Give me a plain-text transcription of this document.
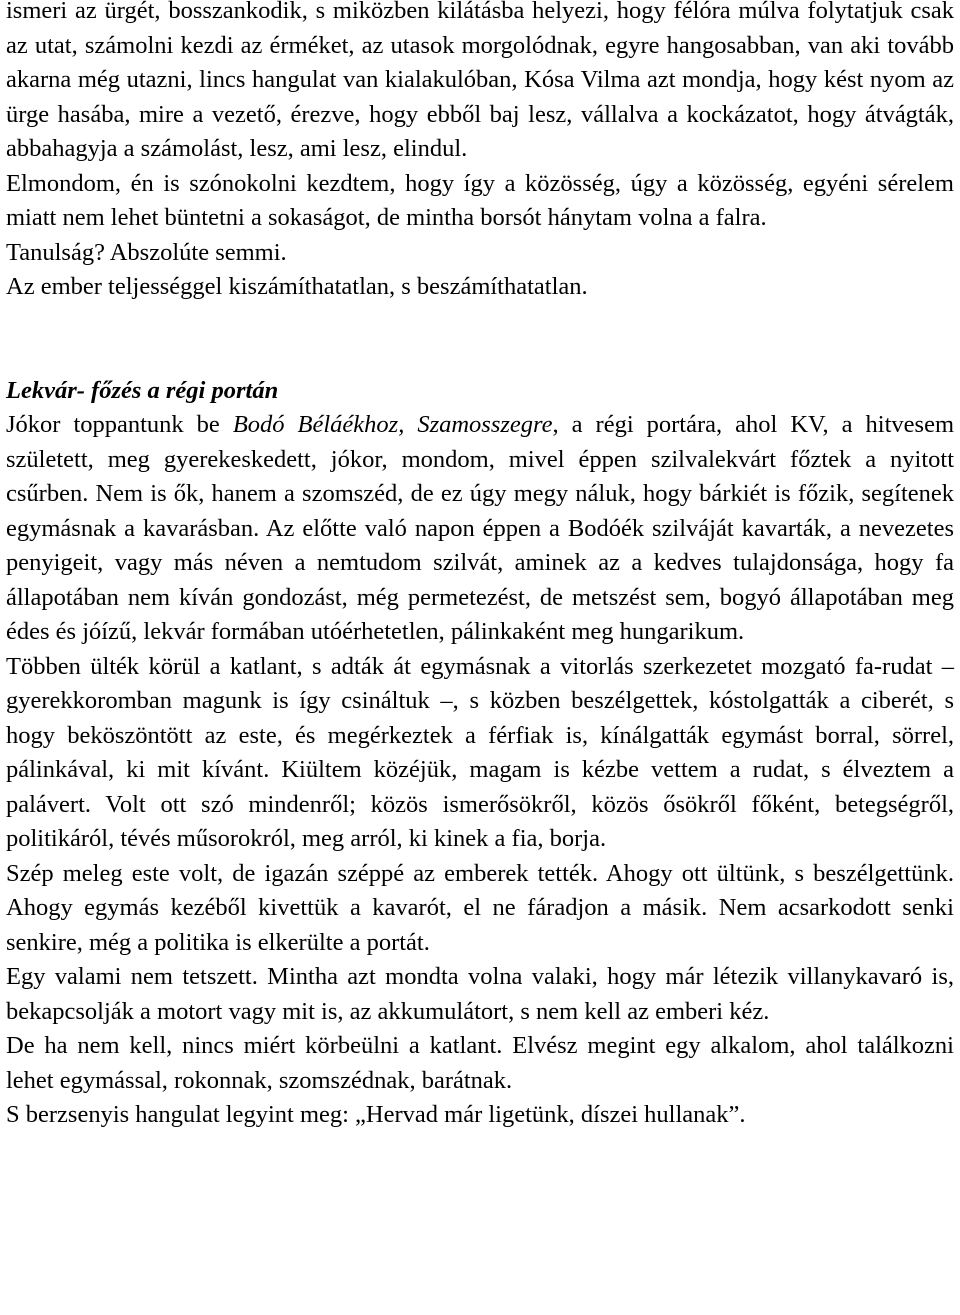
ismeri az ürgét, bosszankodik, s miközben kilátásba helyezi, hogy félóra múlva folytatjuk csak az utat, számolni kezdi az érméket, az utasok morgolódnak, egyre hangosabban, van aki tovább akarna még utazni, lincs hangulat van kialakulóban, Kósa Vilma azt mondja, hogy kést nyom az ürge hasába, mire a vezető, érezve, hogy ebből baj lesz, vállalva a kockázatot, hogy átvágták, abbahagyja a számolást, lesz, ami lesz, elindul.

Elmondom, én is szónokolni kezdtem, hogy így a közösség, úgy a közösség, egyéni sérelem miatt nem lehet büntetni a sokaságot, de mintha borsót hánytam volna a falra.

Tanulság? Abszolúte semmi.

Az ember teljességgel kiszámíthatatlan, s beszámíthatatlan.

Lekvár- főzés a régi portán

Jókor toppantunk be Bodó Béláékhoz, Szamosszegre, a régi portára, ahol KV, a hitvesem született, meg gyerekeskedett, jókor, mondom, mivel éppen szilvalekvárt főztek a nyitott csűrben. Nem is ők, hanem a szomszéd, de ez úgy megy náluk, hogy bárkiét is főzik, segítenek egymásnak a kavarásban. Az előtte való napon éppen a Bodóék szilváját kavarták, a nevezetes penyigeit, vagy más néven a nemtudom szilvát, aminek az a kedves tulajdonsága, hogy fa állapotában nem kíván gondozást, még permetezést, de metszést sem, bogyó állapotában meg édes és jóízű, lekvár formában utóérhetetlen, pálinkaként meg hungarikum.

Többen ülték körül a katlant, s adták át egymásnak a vitorlás szerkezetet mozgató fa-rudat – gyerekkoromban magunk is így csináltuk –, s közben beszélgettek, kóstolgatták a ciberét, s hogy beköszöntött az este, és megérkeztek a férfiak is, kínálgatták egymást borral, sörrel, pálinkával, ki mit kívánt. Kiültem közéjük, magam is kézbe vettem a rudat, s élveztem a palávert. Volt ott szó mindenről; közös ismerősökről, közös ősökről főként, betegségről, politikáról, tévés műsorokról, meg arról, ki kinek a fia, borja.

Szép meleg este volt, de igazán széppé az emberek tették. Ahogy ott ültünk, s beszélgettünk. Ahogy egymás kezéből kivettük a kavarót, el ne fáradjon a másik. Nem acsarkodott senki senkire, még a politika is elkerülte a portát.

Egy valami nem tetszett. Mintha azt mondta volna valaki, hogy már létezik villanykavaró is, bekapcsolják a motort vagy mit is, az akkumulátort, s nem kell az emberi kéz.

De ha nem kell, nincs miért körbeülni a katlant. Elvész megint egy alkalom, ahol találkozni lehet egymással, rokonnak, szomszédnak, barátnak.

S berzsenyis hangulat legyint meg: „Hervad már ligetünk, díszei hullanak”.
